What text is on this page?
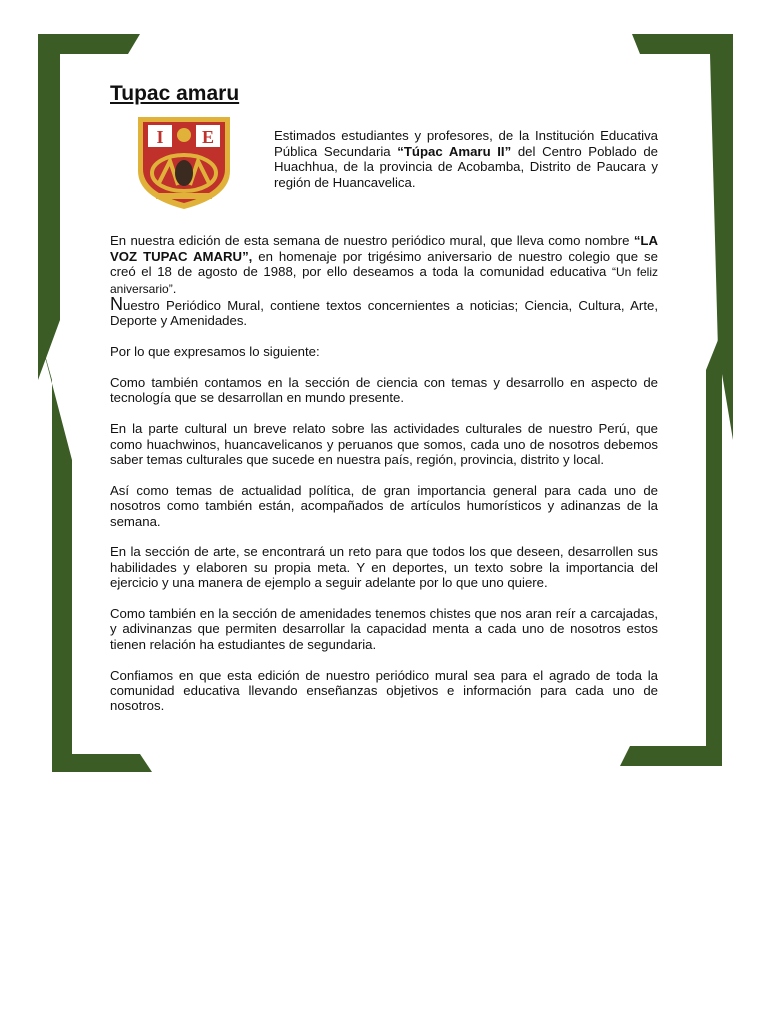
Tupac amaru
I E	Estimados estudiantes y profesores, de la Institución Educativa Pública Secundaria “Túpac Amaru II” del Centro Poblado de Huachhua, de la provincia de Acobamba, Distrito de Paucara y región de Huancavelica.

En nuestra edición de esta semana de nuestro periódico mural, que lleva como nombre “LA VOZ TUPAC AMARU”, en homenaje por trigésimo aniversario de nuestro colegio que se creó el 18 de agosto de 1988, por ello deseamos a toda la comunidad educativa “Un feliz aniversario”.

Nuestro Periódico Mural, contiene textos concernientes a noticias; Ciencia, Cultura, Arte, Deporte y Amenidades.

Por lo que expresamos lo siguiente:

Como también contamos en la sección de ciencia con temas y desarrollo en aspecto de tecnología que se desarrollan en mundo presente.

En la parte cultural un breve relato sobre las actividades culturales de nuestro Perú, que como huachwinos, huancavelicanos y peruanos que somos, cada uno de nosotros debemos saber temas culturales que sucede en nuestra país, región, provincia, distrito y local.

Así como temas de actualidad política, de gran importancia general para cada uno de nosotros como también están, acompañados de artículos humorísticos y adinanzas de la semana.

En la sección de arte, se encontrará un reto para que todos los que deseen, desarrollen sus habilidades y elaboren su propia meta. Y en deportes, un texto sobre la importancia del ejercicio y una manera de ejemplo a seguir adelante por lo que uno quiere.

Como también en la sección de amenidades tenemos chistes que nos aran reír a carcajadas, y adivinanzas que permiten desarrollar la capacidad menta a cada uno de nosotros estos tienen relación ha estudiantes de segundaria.

Confiamos en que esta edición de nuestro periódico mural sea para el agrado de toda la comunidad educativa llevando enseñanzas objetivos e información para cada uno de nosotros.
